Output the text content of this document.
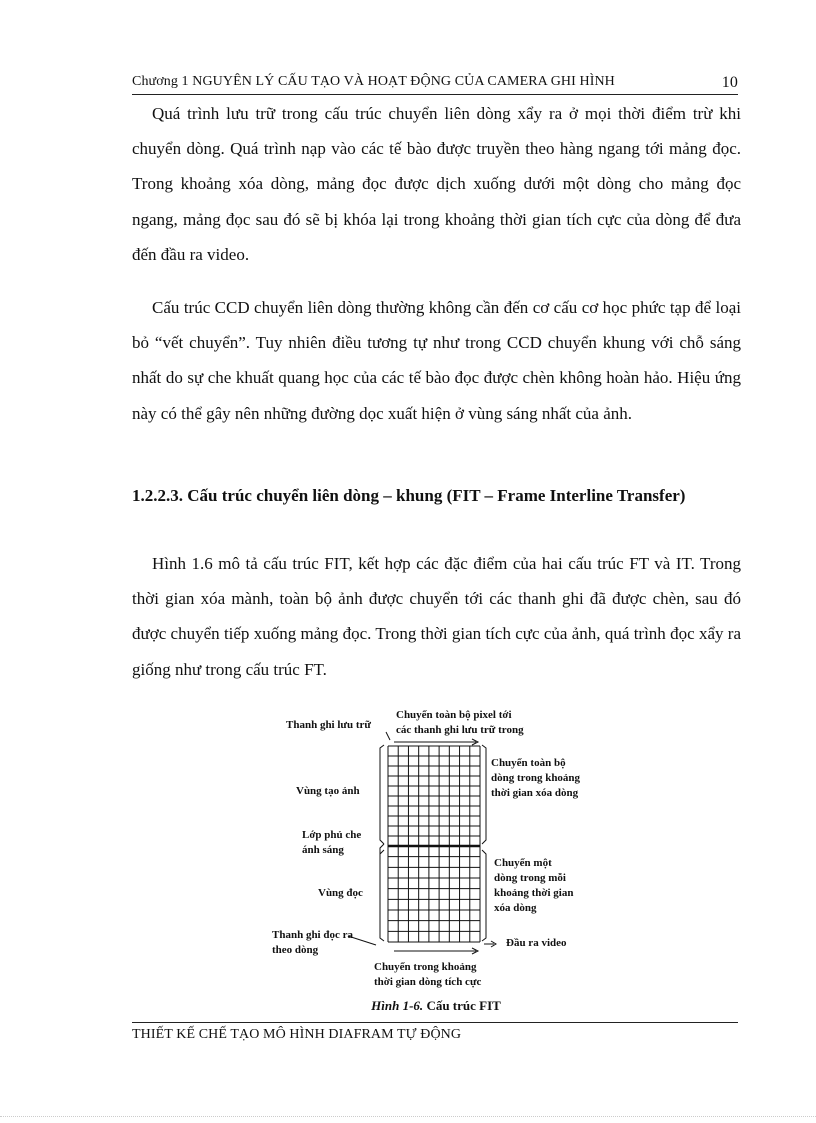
Chương 1 NGUYÊN LÝ CẤU TẠO VÀ HOẠT ĐỘNG CỦA CAMERA GHI HÌNH	10

Quá trình lưu trữ trong cấu trúc chuyển liên dòng xẩy ra ở mọi thời điểm trừ khi chuyển dòng. Quá trình nạp vào các tế bào được truyền theo hàng ngang tới mảng đọc. Trong khoảng xóa dòng, mảng đọc được dịch xuống dưới một dòng cho mảng đọc ngang, mảng đọc sau đó sẽ bị khóa lại trong khoảng thời gian tích cực của dòng để đưa đến đầu ra video.

Cấu trúc CCD chuyển liên dòng thường không cần đến cơ cấu cơ học phức tạp để loại bỏ “vết chuyển”. Tuy nhiên điều tương tự như trong CCD chuyển khung với chỗ sáng nhất do sự che khuất quang học của các tế bào đọc được chèn không hoàn hảo. Hiệu ứng này có thể gây nên những đường dọc xuất hiện ở vùng sáng nhất của ảnh.

1.2.2.3. Cấu trúc chuyển liên dòng – khung (FIT – Frame Interline Transfer)

Hình 1.6 mô tả cấu trúc FIT, kết hợp các đặc điểm của hai cấu trúc FT và IT. Trong thời gian xóa mành, toàn bộ ảnh được chuyển tới các thanh ghi đã được chèn, sau đó được chuyển tiếp xuống mảng đọc. Trong thời gian tích cực của ảnh, quá trình đọc xẩy ra giống như trong cấu trúc FT.

Thanh ghi lưu trữ
Chuyển toàn bộ pixel tới
các thanh ghi lưu trữ trong
Vùng tạo ảnh
Chuyển toàn bộ
dòng trong khoảng
thời gian xóa dòng
Lớp phủ che
ánh sáng
Vùng đọc
Chuyển một
dòng trong mỗi
khoảng thời gian
xóa dòng
Thanh ghi đọc ra
theo dòng
Đầu ra video
Chuyển trong khoảng
thời gian dòng tích cực
Hình 1-6. Cấu trúc FIT
THIẾT KẾ CHẾ TẠO MÔ HÌNH DIAFRAM TỰ ĐỘNG
